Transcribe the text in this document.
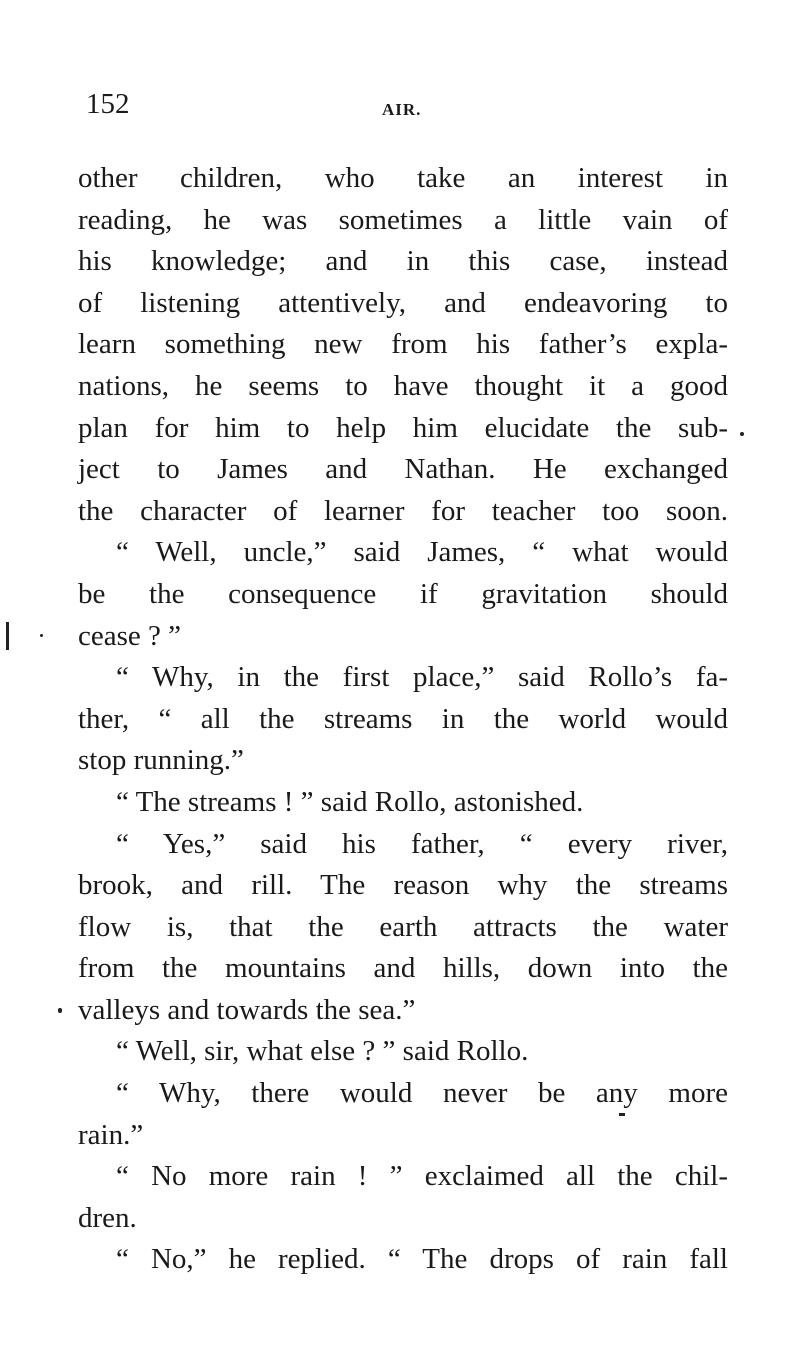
152	AIR.
other children, who take an interest in
reading, he was sometimes a little vain of
his knowledge; and in this case, instead
of listening attentively, and endeavoring to
learn something new from his father’s expla-
nations, he seems to have thought it a good
plan for him to help him elucidate the sub-
ject to James and Nathan. He exchanged
the character of learner for teacher too soon.
“ Well, uncle,” said James, “ what would
be the consequence if gravitation should
cease ? ”
“ Why, in the first place,” said Rollo’s fa-
ther, “ all the streams in the world would
stop running.”
“ The streams ! ” said Rollo, astonished.
“ Yes,” said his father, “ every river,
brook, and rill. The reason why the streams
flow is, that the earth attracts the water
from the mountains and hills, down into the
valleys and towards the sea.”
“ Well, sir, what else ? ” said Rollo.
“ Why, there would never be any more
rain.”
“ No more rain ! ” exclaimed all the chil-
dren.
“ No,” he replied. “ The drops of rain fall
